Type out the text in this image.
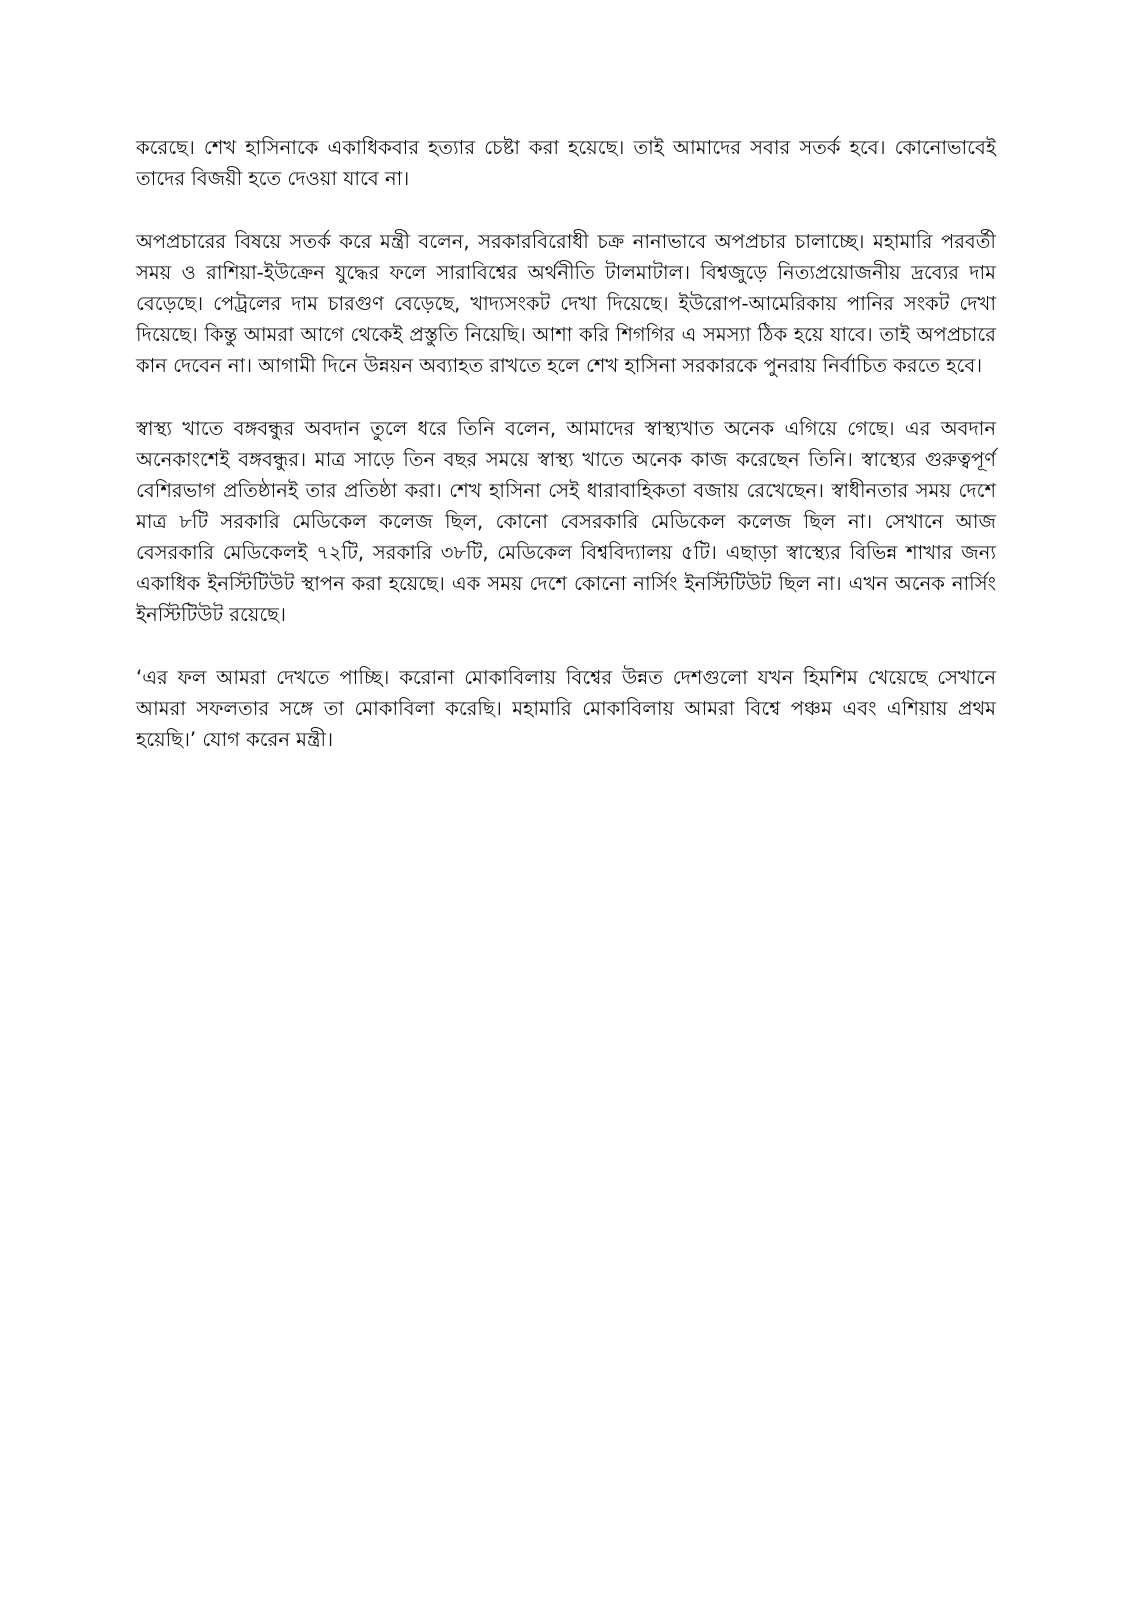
করেছে। শেখ হাসিনাকে একাধিকবার হত্যার চেষ্টা করা হয়েছে। তাই আমাদের সবার সতর্ক হবে। কোনোভাবেই তাদের বিজয়ী হতে দেওয়া যাবে না।

অপপ্রচারের বিষয়ে সতর্ক করে মন্ত্রী বলেন, সরকারবিরোধী চক্র নানাভাবে অপপ্রচার চালাচ্ছে। মহামারি পরবর্তী সময় ও রাশিয়া-ইউক্রেন যুদ্ধের ফলে সারাবিশ্বের অর্থনীতি টালমাটাল। বিশ্বজুড়ে নিত্যপ্রয়োজনীয় দ্রব্যের দাম বেড়েছে। পেট্রলের দাম চারগুণ বেড়েছে, খাদ্যসংকট দেখা দিয়েছে। ইউরোপ-আমেরিকায় পানির সংকট দেখা দিয়েছে। কিন্তু আমরা আগে থেকেই প্রস্তুতি নিয়েছি। আশা করি শিগগির এ সমস্যা ঠিক হয়ে যাবে। তাই অপপ্রচারে কান দেবেন না। আগামী দিনে উন্নয়ন অব্যাহত রাখতে হলে শেখ হাসিনা সরকারকে পুনরায় নির্বাচিত করতে হবে।

স্বাস্থ্য খাতে বঙ্গবন্ধুর অবদান তুলে ধরে তিনি বলেন, আমাদের স্বাস্থ্যখাত অনেক এগিয়ে গেছে। এর অবদান অনেকাংশেই বঙ্গবন্ধুর। মাত্র সাড়ে তিন বছর সময়ে স্বাস্থ্য খাতে অনেক কাজ করেছেন তিনি। স্বাস্থ্যের গুরুত্বপূর্ণ বেশিরভাগ প্রতিষ্ঠানই তার প্রতিষ্ঠা করা। শেখ হাসিনা সেই ধারাবাহিকতা বজায় রেখেছেন। স্বাধীনতার সময় দেশে মাত্র ৮টি সরকারি মেডিকেল কলেজ ছিল, কোনো বেসরকারি মেডিকেল কলেজ ছিল না। সেখানে আজ বেসরকারি মেডিকেলই ৭২টি, সরকারি ৩৮টি, মেডিকেল বিশ্ববিদ্যালয় ৫টি। এছাড়া স্বাস্থ্যের বিভিন্ন শাখার জন্য একাধিক ইনস্টিটিউট স্থাপন করা হয়েছে। এক সময় দেশে কোনো নার্সিং ইনস্টিটিউট ছিল না। এখন অনেক নার্সিং ইনস্টিটিউট রয়েছে।

‘এর ফল আমরা দেখতে পাচ্ছি। করোনা মোকাবিলায় বিশ্বের উন্নত দেশগুলো যখন হিমশিম খেয়েছে সেখানে আমরা সফলতার সঙ্গে তা মোকাবিলা করেছি। মহামারি মোকাবিলায় আমরা বিশ্বে পঞ্চম এবং এশিয়ায় প্রথম হয়েছি।’ যোগ করেন মন্ত্রী।
